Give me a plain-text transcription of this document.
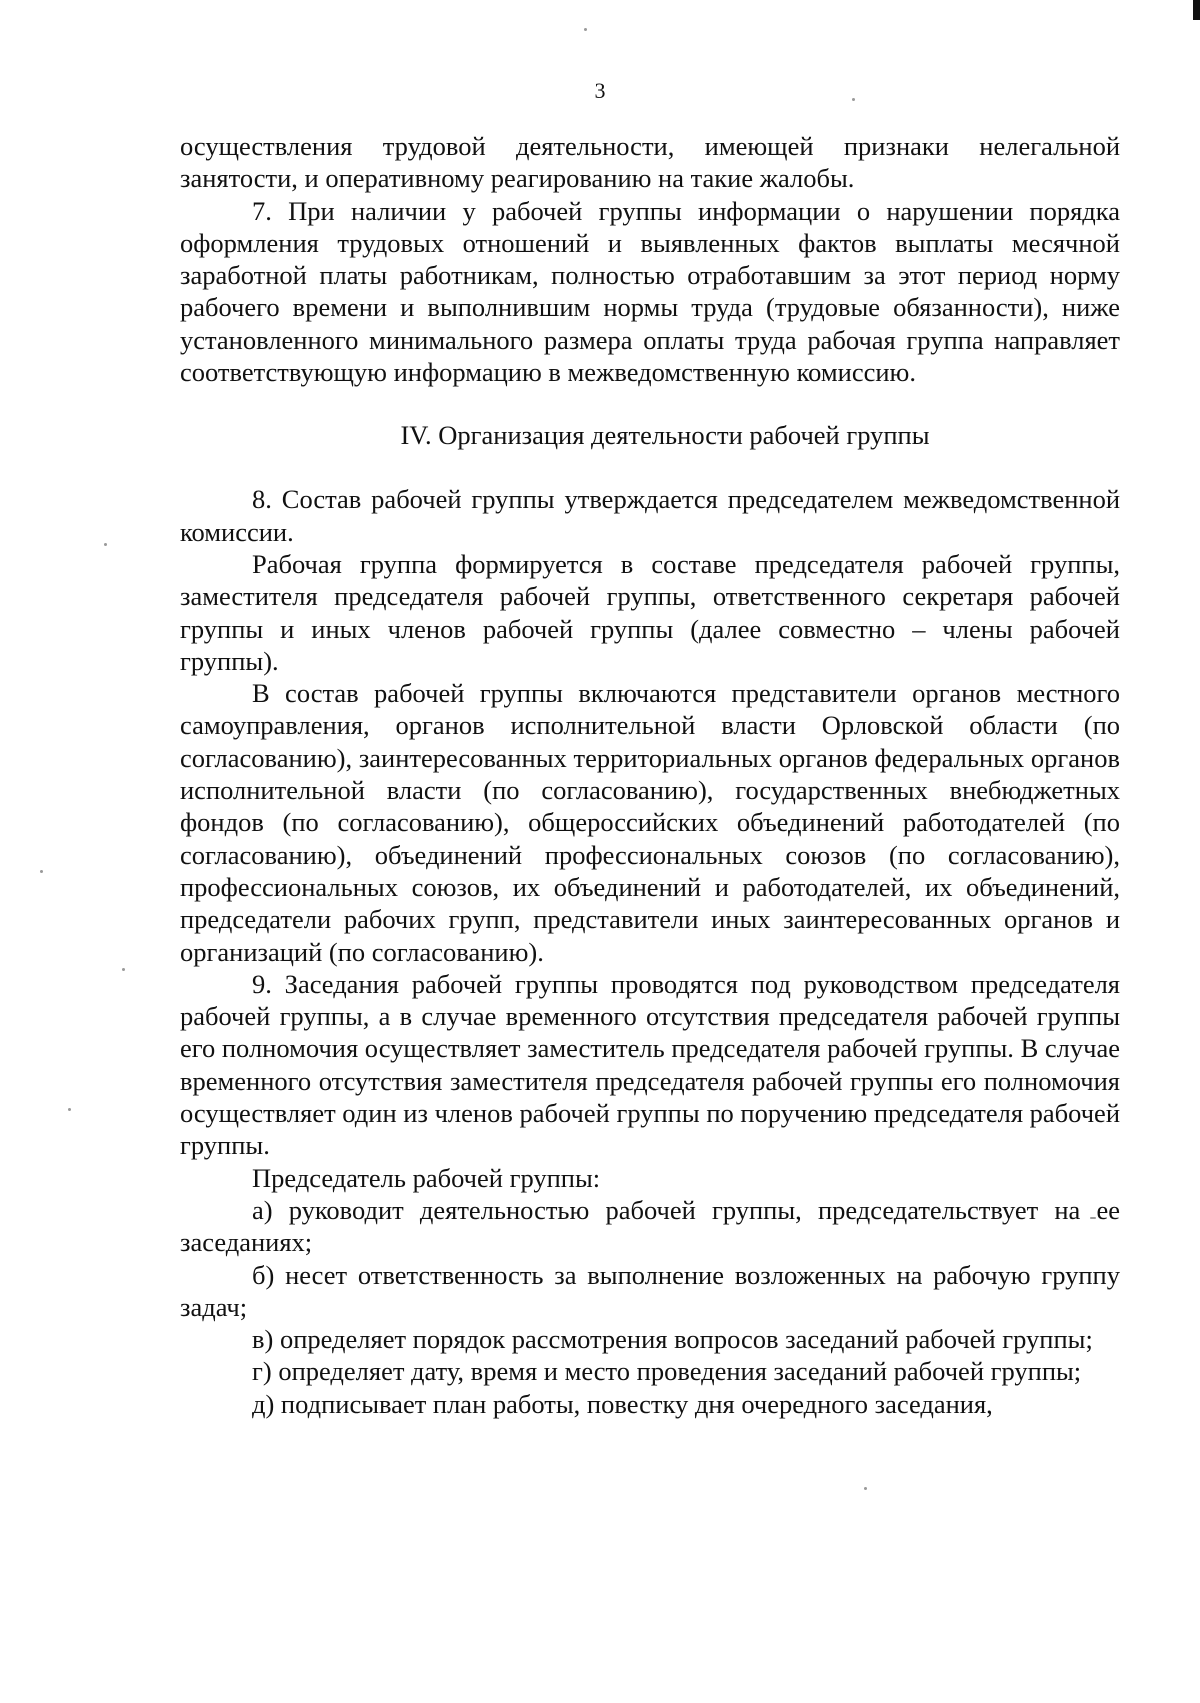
3

осуществления трудовой деятельности, имеющей признаки нелегальной занятости, и оперативному реагированию на такие жалобы.

7. При наличии у рабочей группы информации о нарушении порядка оформления трудовых отношений и выявленных фактов выплаты месячной заработной платы работникам, полностью отработавшим за этот период норму рабочего времени и выполнившим нормы труда (трудовые обязанности), ниже установленного минимального размера оплаты труда рабочая группа направляет соответствующую информацию в межведомственную комиссию.

IV. Организация деятельности рабочей группы

8. Состав рабочей группы утверждается председателем межведомственной комиссии.

Рабочая группа формируется в составе председателя рабочей группы, заместителя председателя рабочей группы, ответственного секретаря рабочей группы и иных членов рабочей группы (далее совместно – члены рабочей группы).

В состав рабочей группы включаются представители органов местного самоуправления, органов исполнительной власти Орловской области (по согласованию), заинтересованных территориальных органов федеральных органов исполнительной власти (по согласованию), государственных внебюджетных фондов (по согласованию), общероссийских объединений работодателей (по согласованию), объединений профессиональных союзов (по согласованию), профессиональных союзов, их объединений и работодателей, их объединений, председатели рабочих групп, представители иных заинтересованных органов и организаций (по согласованию).

9. Заседания рабочей группы проводятся под руководством председателя рабочей группы, а в случае временного отсутствия председателя рабочей группы его полномочия осуществляет заместитель председателя рабочей группы. В случае временного отсутствия заместителя председателя рабочей группы его полномочия осуществляет один из членов рабочей группы по поручению председателя рабочей группы.

Председатель рабочей группы:

а) руководит деятельностью рабочей группы, председательствует на ее заседаниях;

б) несет ответственность за выполнение возложенных на рабочую группу задач;

в) определяет порядок рассмотрения вопросов заседаний рабочей группы;

г) определяет дату, время и место проведения заседаний рабочей группы;

д) подписывает план работы, повестку дня очередного заседания,
